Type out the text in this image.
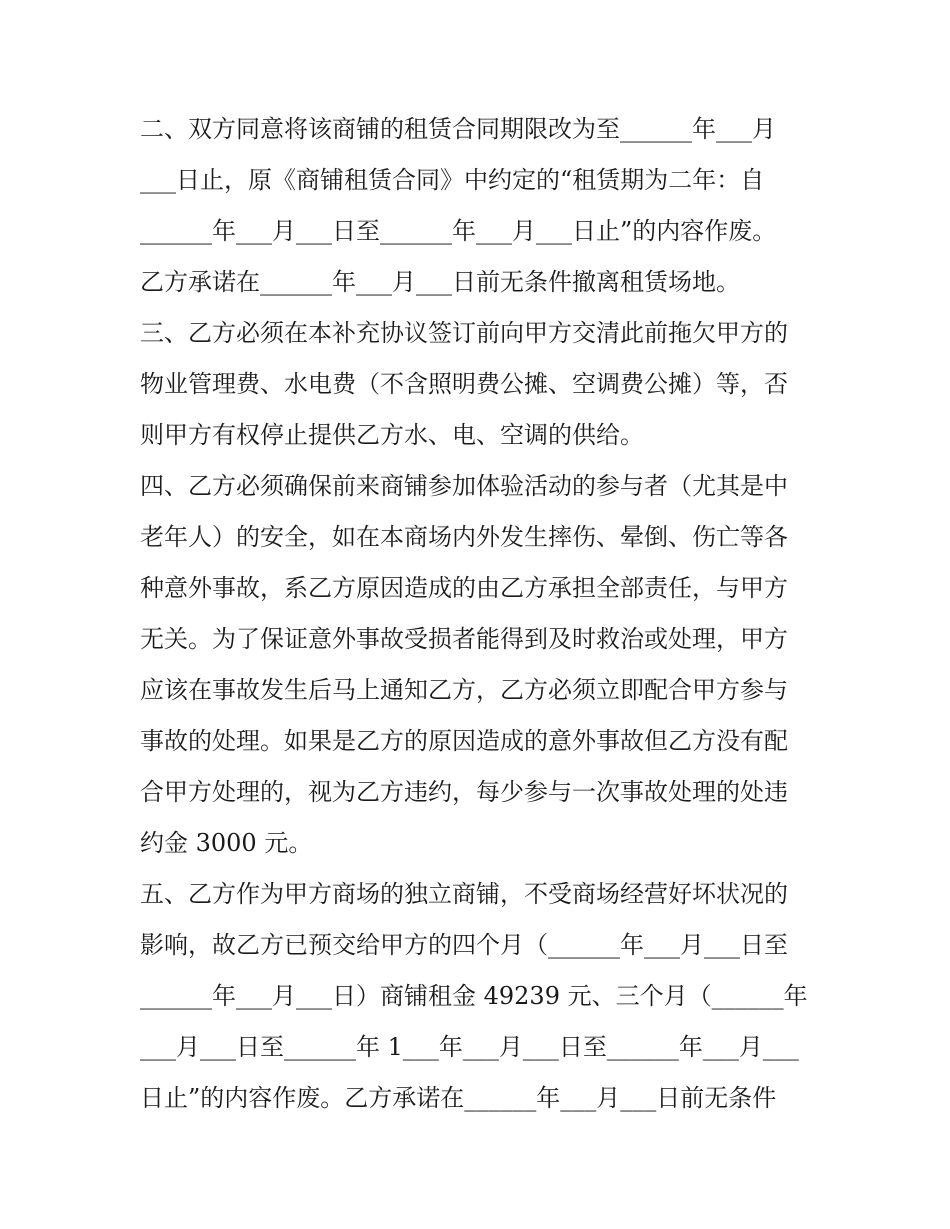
二、双方同意将该商铺的租赁合同期限改为至______年___月
___日止，原《商铺租赁合同》中约定的“租赁期为二年：自
______年___月___日至______年___月___日止”的内容作废。
乙方承诺在______年___月___日前无条件撤离租赁场地。
三、乙方必须在本补充协议签订前向甲方交清此前拖欠甲方的
物业管理费、水电费（不含照明费公摊、空调费公摊）等，否
则甲方有权停止提供乙方水、电、空调的供给。
四、乙方必须确保前来商铺参加体验活动的参与者（尤其是中
老年人）的安全，如在本商场内外发生摔伤、晕倒、伤亡等各
种意外事故，系乙方原因造成的由乙方承担全部责任，与甲方
无关。为了保证意外事故受损者能得到及时救治或处理，甲方
应该在事故发生后马上通知乙方，乙方必须立即配合甲方参与
事故的处理。如果是乙方的原因造成的意外事故但乙方没有配
合甲方处理的，视为乙方违约，每少参与一次事故处理的处违
约金 3000 元。
五、乙方作为甲方商场的独立商铺，不受商场经营好坏状况的
影响，故乙方已预交给甲方的四个月（______年___月___日至
______年___月___日）商铺租金 49239 元、三个月（______年
___月___日至______年 1___年___月___日至______年___月___
日止”的内容作废。乙方承诺在______年___月___日前无条件
